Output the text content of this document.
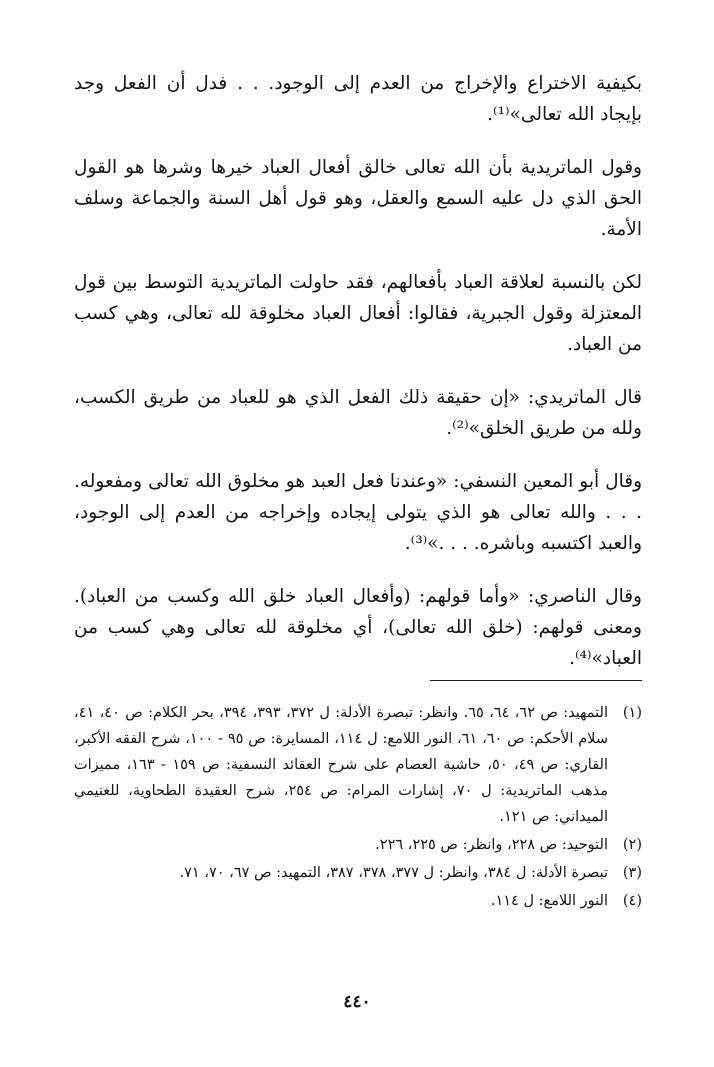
بكيفية الاختراع والإخراج من العدم إلى الوجود. . . فدل أن الفعل وجد بإيجاد الله تعالى»⁽¹⁾.

وقول الماتريدية بأن الله تعالى خالق أفعال العباد خيرها وشرها هو القول الحق الذي دل عليه السمع والعقل، وهو قول أهل السنة والجماعة وسلف الأمة.

لكن بالنسبة لعلاقة العباد بأفعالهم، فقد حاولت الماتريدية التوسط بين قول المعتزلة وقول الجبرية، فقالوا: أفعال العباد مخلوقة لله تعالى، وهي كسب من العباد.

قال الماتريدي: «إن حقيقة ذلك الفعل الذي هو للعباد من طريق الكسب، ولله من طريق الخلق»⁽²⁾.

وقال أبو المعين النسفي: «وعندنا فعل العبد هو مخلوق الله تعالى ومفعوله. . . . والله تعالى هو الذي يتولى إيجاده وإخراجه من العدم إلى الوجود، والعبد اكتسبه وباشره. . . .»⁽³⁾.

وقال الناصري: «وأما قولهم: (وأفعال العباد خلق الله وكسب من العباد). ومعنى قولهم: (خلق الله تعالى)، أي مخلوقة لله تعالى وهي كسب من العباد»⁽⁴⁾.

(١)
التمهيد: ص ٦٢، ٦٤، ٦٥. وانظر: تبصرة الأدلة: ل ٣٧٢، ٣٩٣، ٣٩٤، بحر الكلام: ص ٤٠، ٤١، سلام الأحكم: ص ٦٠، ٦١، النور اللامع: ل ١١٤، المسايرة: ص ٩٥ - ١٠٠، شرح الفقه الأكبر، القاري: ص ٤٩، ٥٠، حاشية العصام على شرح العقائد النسفية: ص ١٥٩ - ١٦٣، مميزات مذهب الماتريدية: ل ٧٠، إشارات المرام: ص ٢٥٤، شرح العقيدة الطحاوية، للغنيمي الميداني: ص ١٢١.
(٢)
التوحيد: ص ٢٢٨، وانظر: ص ٢٢٥، ٢٢٦.
(٣)
تبصرة الأدلة: ل ٣٨٤، وانظر: ل ٣٧٧، ٣٧٨، ٣٨٧، التمهيد: ص ٦٧، ٧٠، ٧١.
(٤)
النور اللامع: ل ١١٤.
٤٤٠
